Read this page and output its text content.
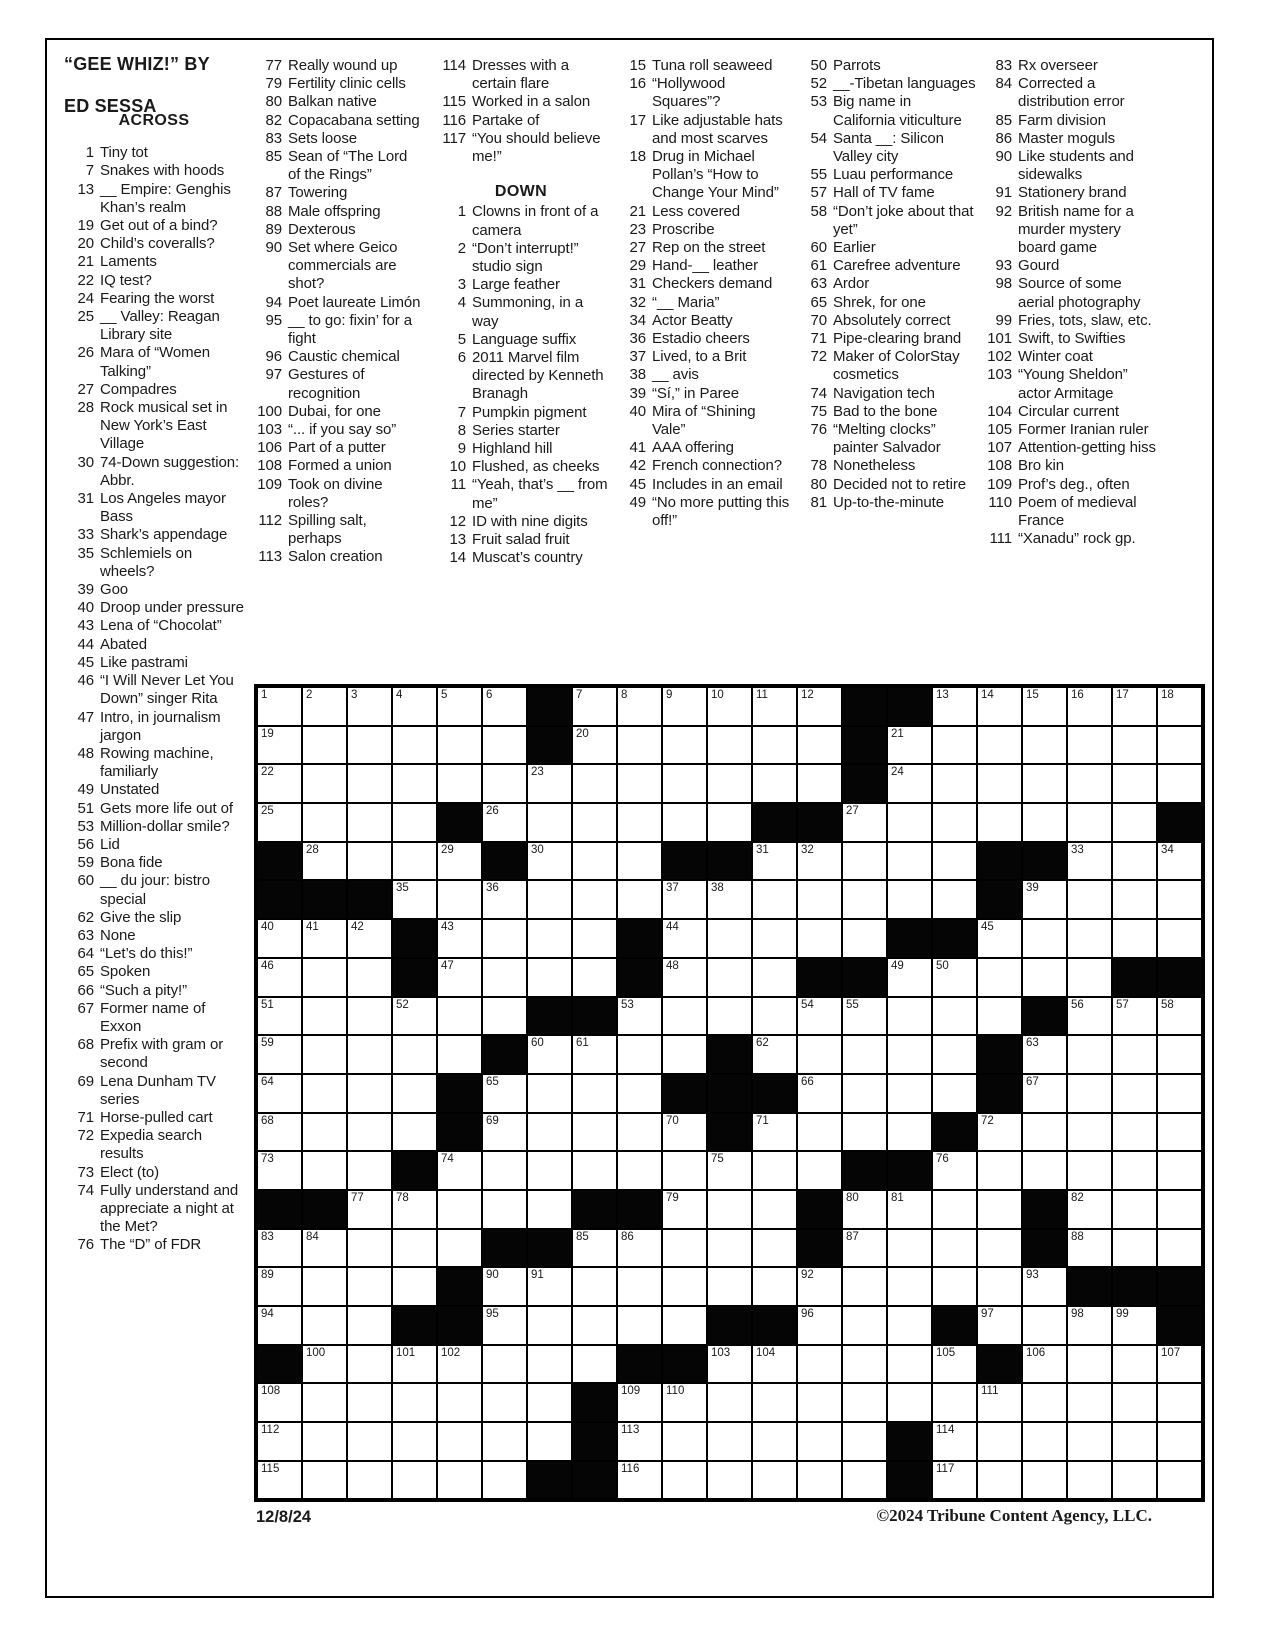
“GEE WHIZ!” BY

ED SESSA
ACROSS
1 Tiny tot
7 Snakes with hoods
13 __ Empire: Genghis Khan’s realm
19 Get out of a bind?
20 Child’s coveralls?
21 Laments
22 IQ test?
24 Fearing the worst
25 __ Valley: Reagan Library site
26 Mara of “Women Talking”
27 Compadres
28 Rock musical set in New York’s East Village
30 74-Down suggestion: Abbr.
31 Los Angeles mayor Bass
33 Shark’s appendage
35 Schlemiels on wheels?
39 Goo
40 Droop under pressure
43 Lena of “Chocolat”
44 Abated
45 Like pastrami
46 “I Will Never Let You Down” singer Rita
47 Intro, in journalism jargon
48 Rowing machine, familiarly
49 Unstated
51 Gets more life out of
53 Million-dollar smile?
56 Lid
59 Bona fide
60 __ du jour: bistro special
62 Give the slip
63 None
64 “Let’s do this!”
65 Spoken
66 “Such a pity!”
67 Former name of Exxon
68 Prefix with gram or second
69 Lena Dunham TV series
71 Horse-pulled cart
72 Expedia search results
73 Elect (to)
74 Fully understand and appreciate a night at the Met?
76 The “D” of FDR
77 Really wound up
79 Fertility clinic cells
80 Balkan native
82 Copacabana setting
83 Sets loose
85 Sean of “The Lord of the Rings”
87 Towering
88 Male offspring
89 Dexterous
90 Set where Geico commercials are shot?
94 Poet laureate Limón
95 __ to go: fixin’ for a fight
96 Caustic chemical
97 Gestures of recognition
100 Dubai, for one
103 “... if you say so”
106 Part of a putter
108 Formed a union
109 Took on divine roles?
112 Spilling salt, perhaps
113 Salon creation
114 Dresses with a certain flare
115 Worked in a salon
116 Partake of
117 “You should believe me!”
DOWN
1 Clowns in front of a camera
2 “Don’t interrupt!” studio sign
3 Large feather
4 Summoning, in a way
5 Language suffix
6 2011 Marvel film directed by Kenneth Branagh
7 Pumpkin pigment
8 Series starter
9 Highland hill
10 Flushed, as cheeks
11 “Yeah, that’s __ from me”
12 ID with nine digits
13 Fruit salad fruit
14 Muscat’s country
15 Tuna roll seaweed
16 “Hollywood Squares”?
17 Like adjustable hats and most scarves
18 Drug in Michael Pollan’s “How to Change Your Mind”
21 Less covered
23 Proscribe
27 Rep on the street
29 Hand-__ leather
31 Checkers demand
32 “__ Maria”
34 Actor Beatty
36 Estadio cheers
37 Lived, to a Brit
38 __ avis
39 “Sí,” in Paree
40 Mira of “Shining Vale”
41 AAA offering
42 French connection?
45 Includes in an email
49 “No more putting this off!”
50 Parrots
52 __-Tibetan languages
53 Big name in California viticulture
54 Santa __: Silicon Valley city
55 Luau performance
57 Hall of TV fame
58 “Don’t joke about that yet”
60 Earlier
61 Carefree adventure
63 Ardor
65 Shrek, for one
70 Absolutely correct
71 Pipe-clearing brand
72 Maker of ColorStay cosmetics
74 Navigation tech
75 Bad to the bone
76 “Melting clocks” painter Salvador
78 Nonetheless
80 Decided not to retire
81 Up-to-the-minute
83 Rx overseer
84 Corrected a distribution error
85 Farm division
86 Master moguls
90 Like students and sidewalks
91 Stationery brand
92 British name for a murder mystery board game
93 Gourd
98 Source of some aerial photography
99 Fries, tots, slaw, etc.
101 Swift, to Swifties
102 Winter coat
103 “Young Sheldon” actor Armitage
104 Circular current
105 Former Iranian ruler
107 Attention-getting hiss
108 Bro kin
109 Prof’s deg., often
110 Poem of medieval France
111 “Xanadu” rock gp.
1	2	3	4	5	6	7	8	9	10	11	12	13	14	15	16	17	18
19	20	21
22	23	24
25	26	27
28	29	30	31	32	33	34
35	36	37	38	39
40	41	42	43	44	45
46	47	48	49	50
51	52	53	54	55	56	57	58
59	60	61	62	63
64	65	66	67
68	69	70	71	72
73	74	75	76
77	78	79	80	81	82
83	84	85	86	87	88
89	90	91	92	93
94	95	96	97	98	99
100	101 102	103 104	105	106	107
108	109 110	111
112	113	114
115	116	117
12/8/24	©2024 Tribune Content Agency, LLC.
